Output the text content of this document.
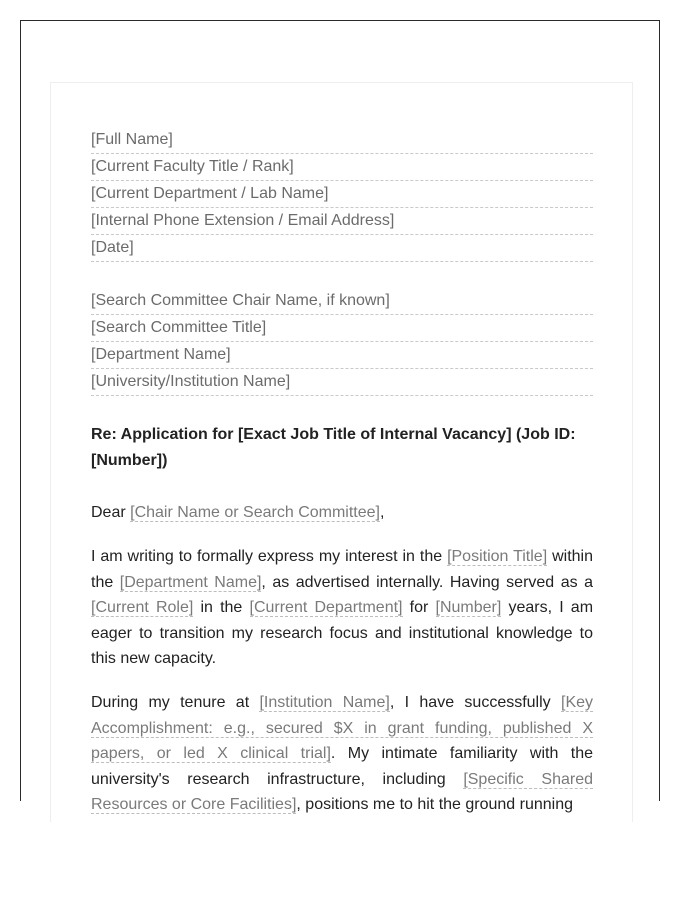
[Full Name]
[Current Faculty Title / Rank]
[Current Department / Lab Name]
[Internal Phone Extension / Email Address]
[Date]
[Search Committee Chair Name, if known]
[Search Committee Title]
[Department Name]
[University/Institution Name]
Re: Application for [Exact Job Title of Internal Vacancy] (Job ID: [Number])
Dear [Chair Name or Search Committee],

I am writing to formally express my interest in the [Position Title] within the [Department Name], as advertised internally. Having served as a [Current Role] in the [Current Department] for [Number] years, I am eager to transition my research focus and institutional knowledge to this new capacity.

During my tenure at [Institution Name], I have successfully [Key Accomplishment: e.g., secured $X in grant funding, published X papers, or led X clinical trial]. My intimate familiarity with the university's research infrastructure, including [Specific Shared Resources or Core Facilities], positions me to hit the ground running
